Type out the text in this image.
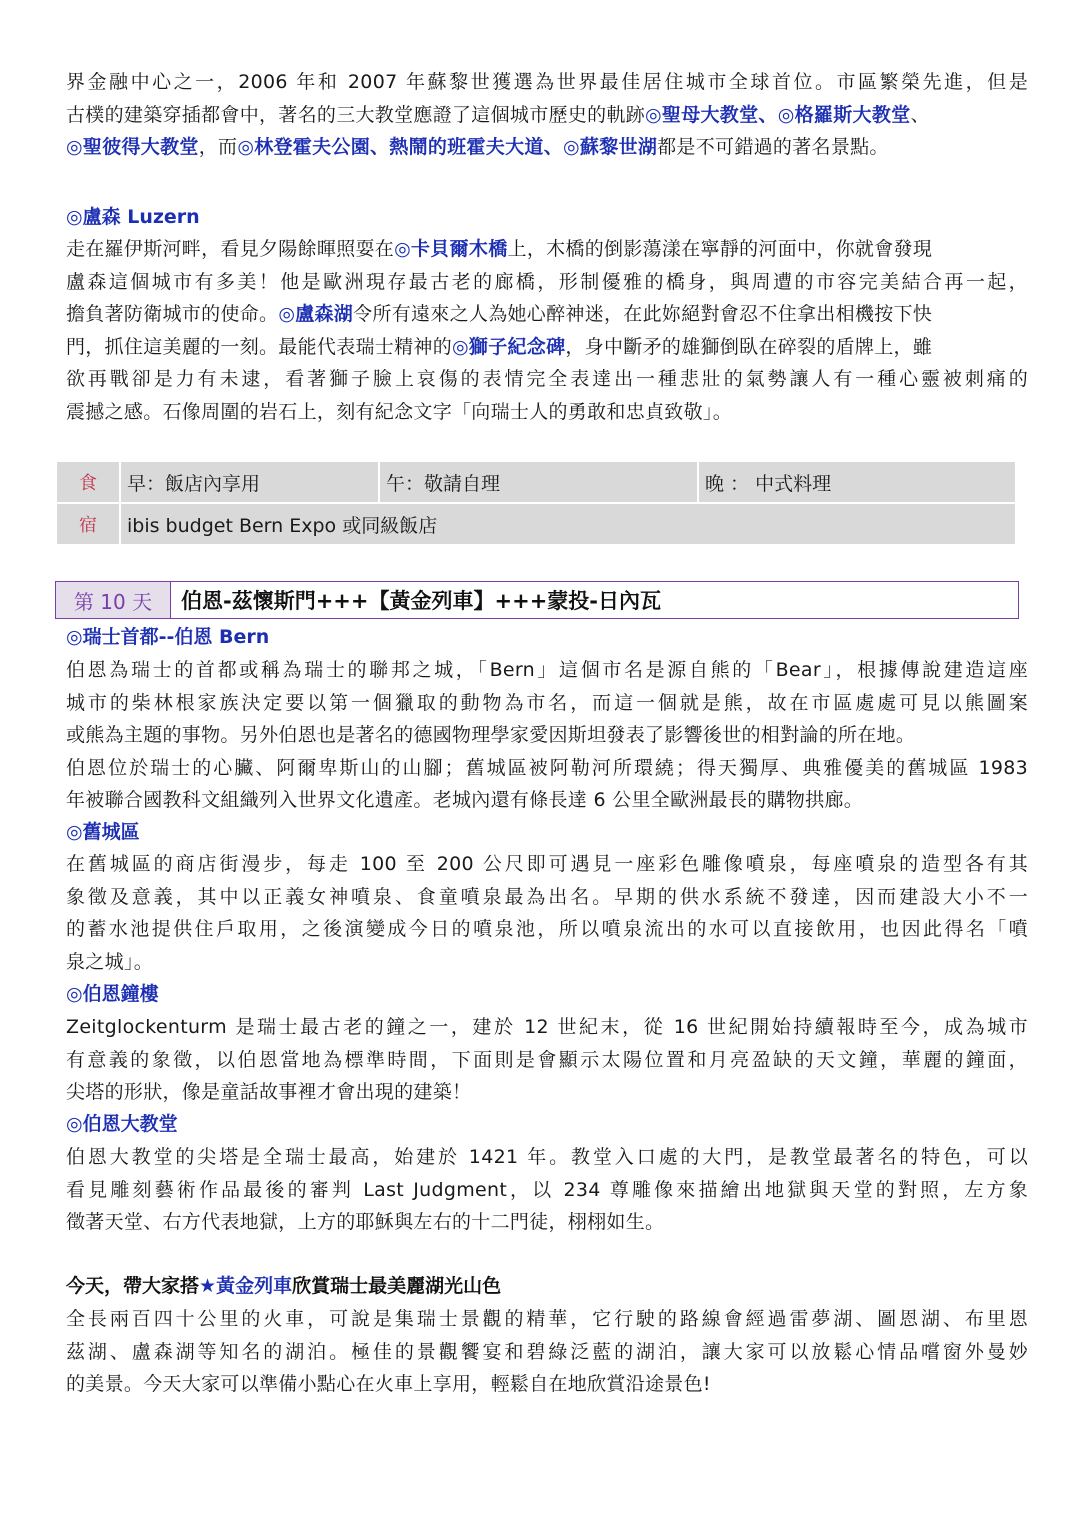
界金融中心之一，2006 年和 2007 年蘇黎世獲選為世界最佳居住城市全球首位。市區繁榮先進，但是
古樸的建築穿插都會中，著名的三大教堂應證了這個城市歷史的軌跡◎聖母大教堂、◎格羅斯大教堂、
◎聖彼得大教堂，而◎林登霍夫公園、熱鬧的班霍夫大道、◎蘇黎世湖都是不可錯過的著名景點。
◎盧森 Luzern
走在羅伊斯河畔，看見夕陽餘暉照耍在◎卡貝爾木橋上，木橋的倒影蕩漾在寧靜的河面中，你就會發現
盧森這個城市有多美！他是歐洲現存最古老的廊橋，形制優雅的橋身，與周遭的市容完美結合再一起，
擔負著防衛城市的使命。◎盧森湖令所有遠來之人為她心醉神迷，在此妳絕對會忍不住拿出相機按下快
門，抓住這美麗的一刻。最能代表瑞士精神的◎獅子紀念碑，身中斷矛的雄獅倒臥在碎裂的盾牌上，雖
欲再戰卻是力有未逮，看著獅子臉上哀傷的表情完全表達出一種悲壯的氣勢讓人有一種心靈被刺痛的
震撼之感。石像周圍的岩石上，刻有紀念文字「向瑞士人的勇敢和忠貞致敬」。
食	早：飯店內享用	午：敬請自理	晚 ： 中式料理
宿	ibis budget Bern Expo 或同級飯店		
第 10 天	伯恩-茲懷斯門+++【黃金列車】+++蒙投-日內瓦
◎瑞士首都--伯恩 Bern
伯恩為瑞士的首都或稱為瑞士的聯邦之城，「Bern」這個市名是源自熊的「Bear」，根據傳說建造這座
城市的柴林根家族決定要以第一個獵取的動物為市名，而這一個就是熊，故在市區處處可見以熊圖案
或熊為主題的事物。另外伯恩也是著名的德國物理學家愛因斯坦發表了影響後世的相對論的所在地。
伯恩位於瑞士的心臟、阿爾卑斯山的山腳；舊城區被阿勒河所環繞；得天獨厚、典雅優美的舊城區 1983
年被聯合國教科文組織列入世界文化遺產。老城內還有條長達 6 公里全歐洲最長的購物拱廊。
◎舊城區
在舊城區的商店街漫步，每走 100 至 200 公尺即可遇見一座彩色雕像噴泉，每座噴泉的造型各有其
象徵及意義，其中以正義女神噴泉、食童噴泉最為出名。早期的供水系統不發達，因而建設大小不一
的蓄水池提供住戶取用，之後演變成今日的噴泉池，所以噴泉流出的水可以直接飲用，也因此得名「噴
泉之城」。
◎伯恩鐘樓
Zeitglockenturm 是瑞士最古老的鐘之一，建於 12 世紀末，從 16 世紀開始持續報時至今，成為城市
有意義的象徵，以伯恩當地為標準時間，下面則是會顯示太陽位置和月亮盈缺的天文鐘，華麗的鐘面，
尖塔的形狀，像是童話故事裡才會出現的建築！
◎伯恩大教堂
伯恩大教堂的尖塔是全瑞士最高，始建於 1421 年。教堂入口處的大門，是教堂最著名的特色，可以
看見雕刻藝術作品最後的審判 Last Judgment，以 234 尊雕像來描繪出地獄與天堂的對照，左方象
徵著天堂、右方代表地獄，上方的耶穌與左右的十二門徒，栩栩如生。
今天，帶大家搭★黃金列車欣賞瑞士最美麗湖光山色
全長兩百四十公里的火車，可說是集瑞士景觀的精華，它行駛的路線會經過雷夢湖、圖恩湖、布里恩
茲湖、盧森湖等知名的湖泊。極佳的景觀饗宴和碧綠泛藍的湖泊，讓大家可以放鬆心情品嚐窗外曼妙
的美景。今天大家可以準備小點心在火車上享用，輕鬆自在地欣賞沿途景色!
